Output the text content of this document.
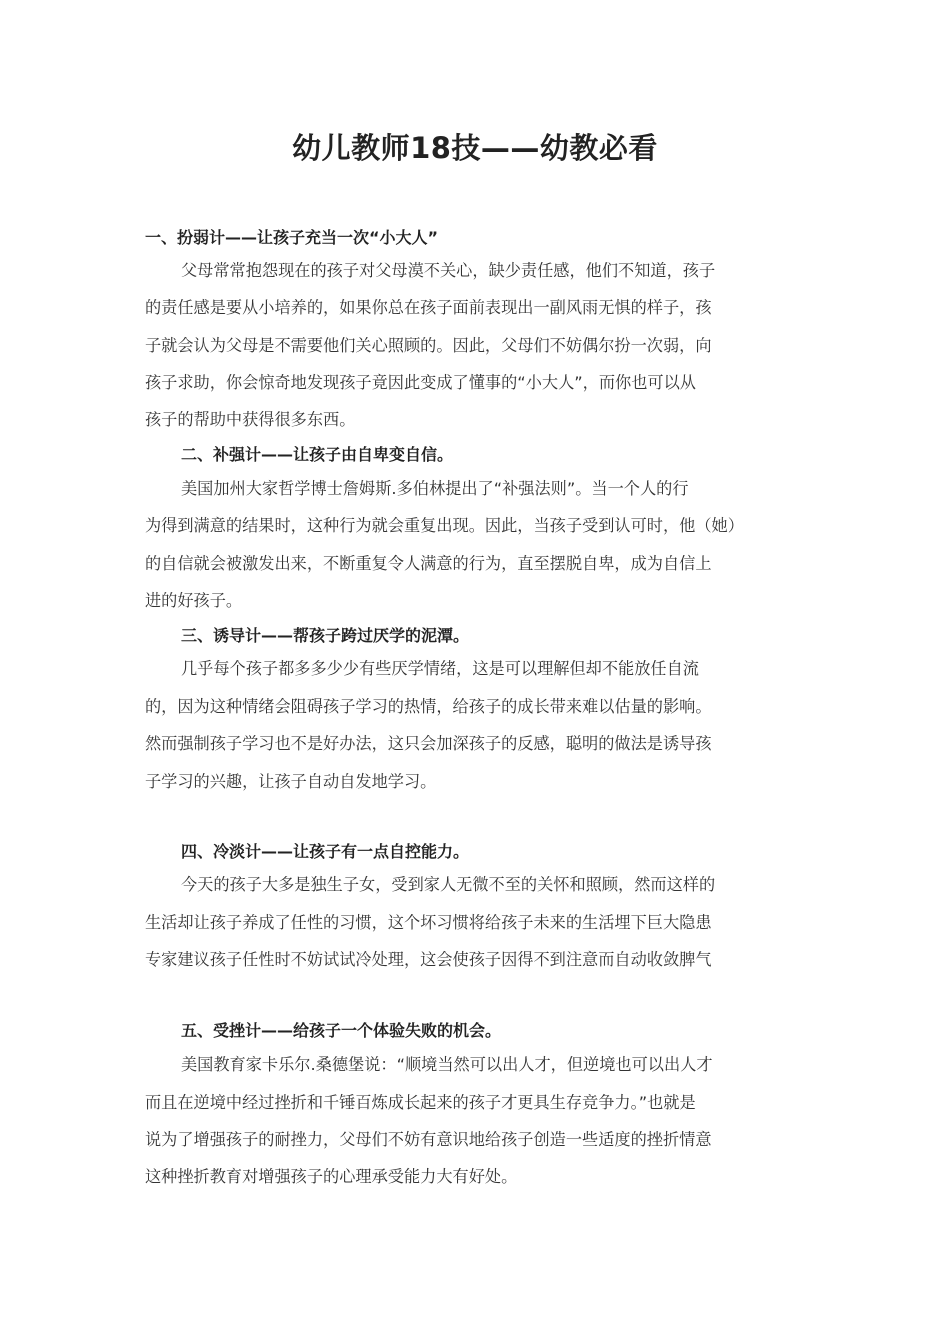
幼儿教师18技——幼教必看
一、扮弱计——让孩子充当一次“小大人”
父母常常抱怨现在的孩子对父母漠不关心，缺少责任感，他们不知道，孩子
的责任感是要从小培养的，如果你总在孩子面前表现出一副风雨无惧的样子，孩
子就会认为父母是不需要他们关心照顾的。因此，父母们不妨偶尔扮一次弱，向
孩子求助，你会惊奇地发现孩子竟因此变成了懂事的“小大人”，而你也可以从
孩子的帮助中获得很多东西。
二、补强计——让孩子由自卑变自信。
美国加州大家哲学博士詹姆斯.多伯林提出了“补强法则”。当一个人的行
为得到满意的结果时，这种行为就会重复出现。因此，当孩子受到认可时，他（她）
的自信就会被激发出来，不断重复令人满意的行为，直至摆脱自卑，成为自信上
进的好孩子。
三、诱导计——帮孩子跨过厌学的泥潭。
几乎每个孩子都多多少少有些厌学情绪，这是可以理解但却不能放任自流
的，因为这种情绪会阻碍孩子学习的热情，给孩子的成长带来难以估量的影响。
然而强制孩子学习也不是好办法，这只会加深孩子的反感，聪明的做法是诱导孩
子学习的兴趣，让孩子自动自发地学习。
四、冷淡计——让孩子有一点自控能力。
今天的孩子大多是独生子女，受到家人无微不至的关怀和照顾，然而这样的
生活却让孩子养成了任性的习惯，这个坏习惯将给孩子未来的生活埋下巨大隐患
专家建议孩子任性时不妨试试冷处理，这会使孩子因得不到注意而自动收敛脾气
五、受挫计——给孩子一个体验失败的机会。
美国教育家卡乐尔.桑德堡说：“顺境当然可以出人才，但逆境也可以出人才
而且在逆境中经过挫折和千锤百炼成长起来的孩子才更具生存竞争力。”也就是
说为了增强孩子的耐挫力，父母们不妨有意识地给孩子创造一些适度的挫折情意
这种挫折教育对增强孩子的心理承受能力大有好处。
